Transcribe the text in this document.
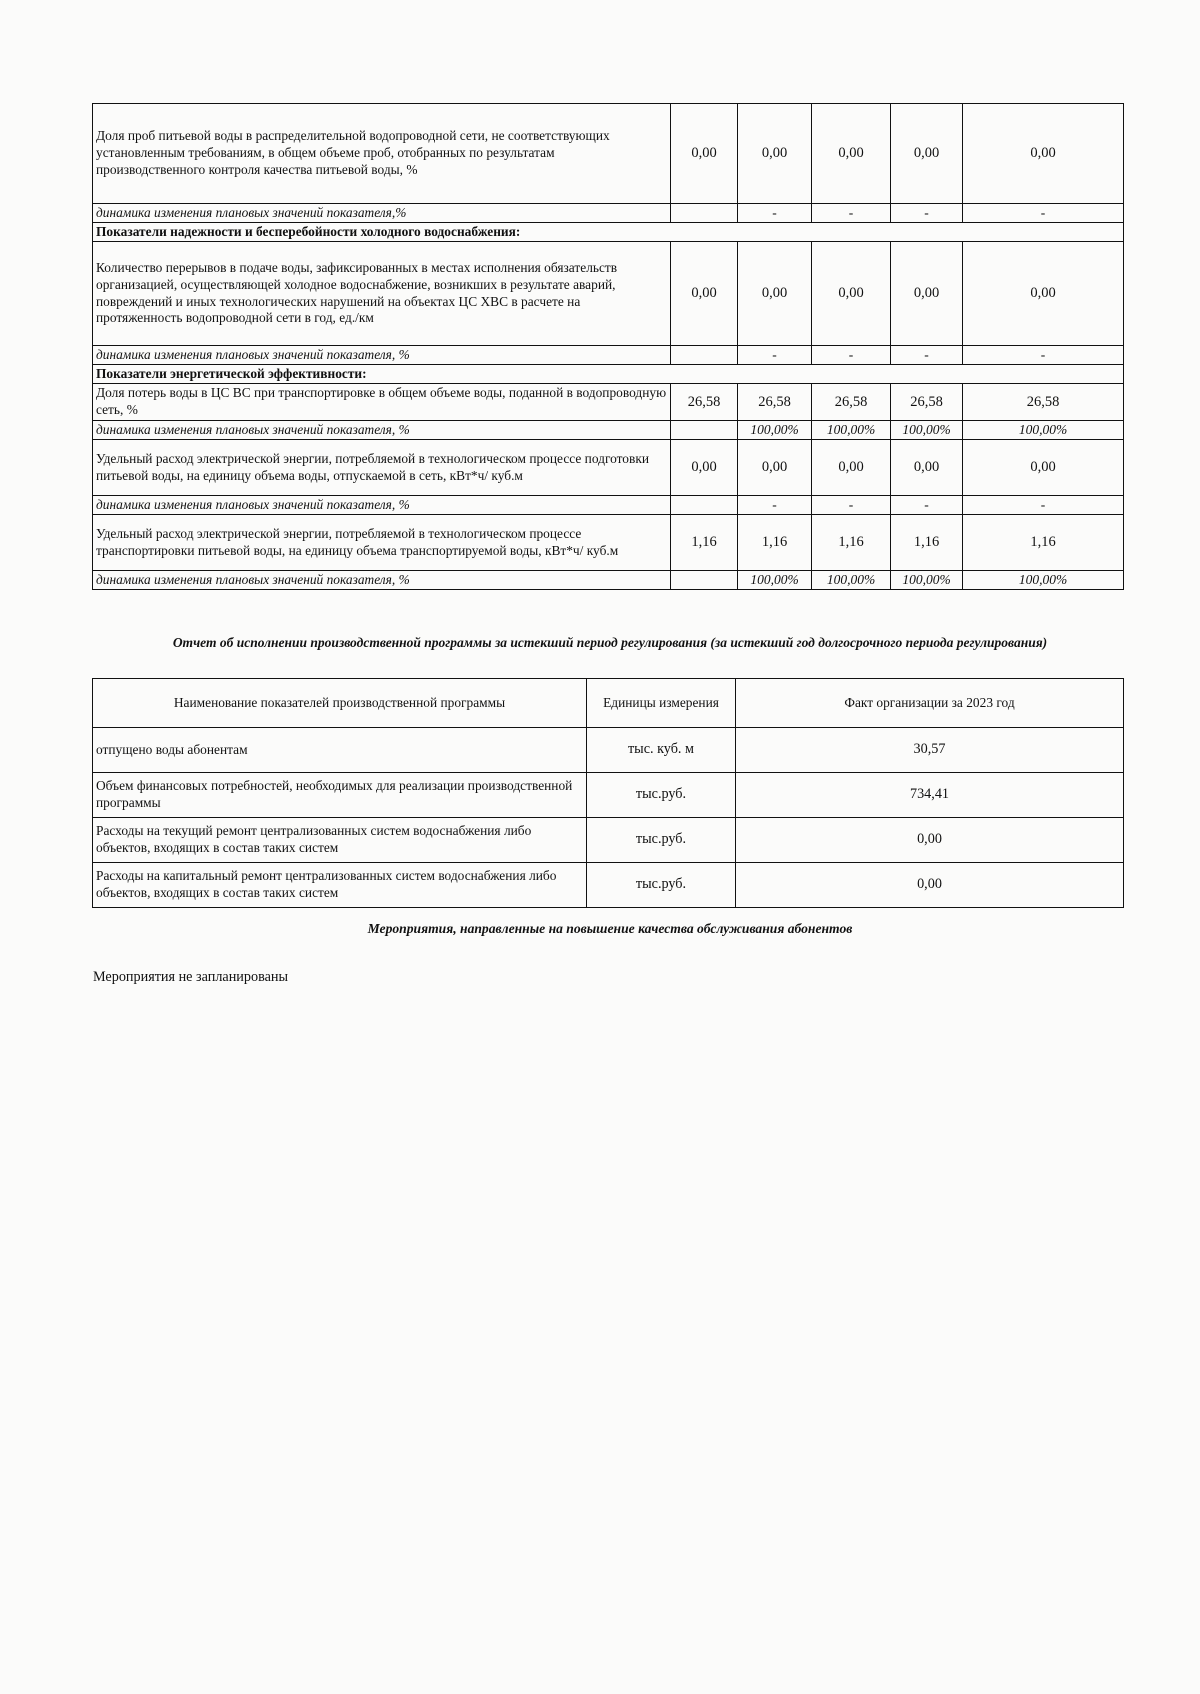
Доля проб питьевой воды в распределительной водопроводной сети, не соответствующих установленным требованиям, в общем объеме проб, отобранных по результатам производственного контроля качества питьевой воды, %	0,00	0,00	0,00	0,00	0,00
динамика изменения плановых значений показателя,%		-	-	-	-
Показатели надежности и бесперебойности холодного водоснабжения:					
Количество перерывов в подаче воды, зафиксированных в местах исполнения обязательств организацией, осуществляющей холодное водоснабжение, возникших в результате аварий, повреждений и иных технологических нарушений на объектах ЦС ХВС в расчете на протяженность водопроводной сети в год, ед./км	0,00	0,00	0,00	0,00	0,00
динамика изменения плановых значений показателя, %		-	-	-	-
Показатели энергетической эффективности:					
Доля потерь воды в ЦС ВС при транспортировке в общем объеме воды, поданной в водопроводную сеть, %	26,58	26,58	26,58	26,58	26,58
динамика изменения плановых значений показателя, %		100,00%	100,00%	100,00%	100,00%
Удельный расход электрической энергии, потребляемой в технологическом процессе подготовки питьевой воды, на единицу объема воды, отпускаемой в сеть, кВт*ч/ куб.м	0,00	0,00	0,00	0,00	0,00
динамика изменения плановых значений показателя, %		-	-	-	-
Удельный расход электрической энергии, потребляемой в технологическом процессе транспортировки питьевой воды, на единицу объема транспортируемой воды, кВт*ч/ куб.м	1,16	1,16	1,16	1,16	1,16
динамика изменения плановых значений показателя, %		100,00%	100,00%	100,00%	100,00%
Отчет об исполнении производственной программы за истекший период регулирования (за истекший год долгосрочного периода регулирования)
Наименование показателей производственной программы	Единицы измерения	Факт организации за 2023 год
отпущено воды абонентам	тыс. куб. м	30,57
Объем финансовых потребностей, необходимых для реализации производственной программы	тыс.руб.	734,41
Расходы на текущий ремонт централизованных систем водоснабжения либо объектов, входящих в состав таких систем	тыс.руб.	0,00
Расходы на капитальный ремонт централизованных систем водоснабжения либо объектов, входящих в состав таких систем	тыс.руб.	0,00
Мероприятия, направленные на повышение качества обслуживания абонентов
Мероприятия не запланированы
